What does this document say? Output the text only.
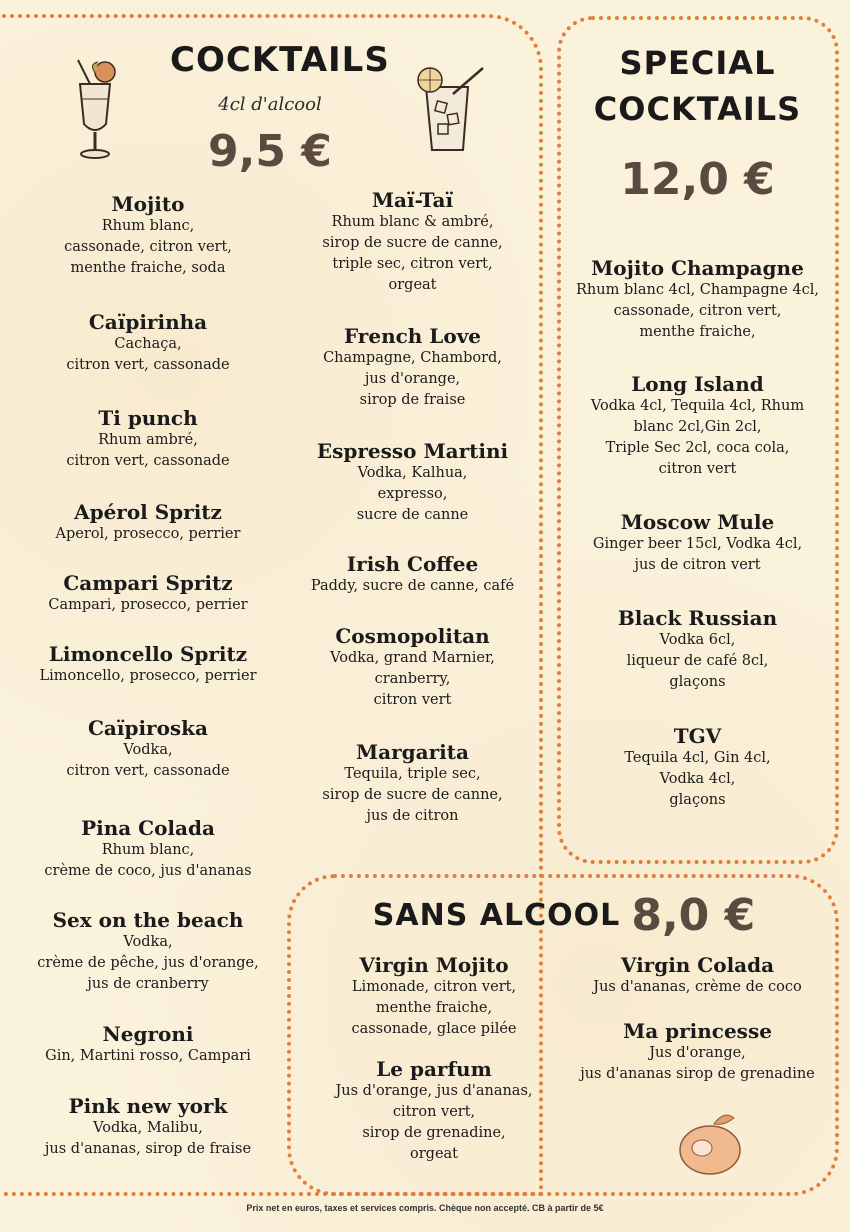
COCKTAILS
4cl d'alcool
9,5 €
Mojito
Rhum blanc,
cassonade, citron vert,
menthe fraiche, soda
Caïpirinha
Cachaça,
citron vert, cassonade
Ti punch
Rhum ambré,
citron vert, cassonade
Apérol Spritz
Aperol, prosecco, perrier
Campari Spritz
Campari, prosecco, perrier
Limoncello Spritz
Limoncello, prosecco, perrier
Caïpiroska
Vodka,
citron vert, cassonade
Pina Colada
Rhum blanc,
crème de coco, jus d'ananas
Sex on the beach
Vodka,
crème de pêche, jus d'orange,
jus de cranberry
Negroni
Gin, Martini rosso, Campari
Pink new york
Vodka, Malibu,
jus d'ananas, sirop de fraise
Maï-Taï
Rhum blanc & ambré,
sirop de sucre de canne,
triple sec, citron vert,
orgeat
French Love
Champagne, Chambord,
jus d'orange,
sirop de fraise
Espresso Martini
Vodka, Kalhua,
expresso,
sucre de canne
Irish Coffee
Paddy, sucre de canne, café
Cosmopolitan
Vodka, grand Marnier,
cranberry,
citron vert
Margarita
Tequila, triple sec,
sirop de sucre de canne,
jus de citron
SPECIAL
COCKTAILS
12,0 €
Mojito Champagne
Rhum blanc 4cl, Champagne 4cl,
cassonade, citron vert,
menthe fraiche,
Long Island
Vodka 4cl, Tequila 4cl, Rhum
blanc 2cl,Gin 2cl,
Triple Sec 2cl, coca cola,
citron vert
Moscow Mule
Ginger beer 15cl, Vodka 4cl,
jus de citron vert
Black Russian
Vodka 6cl,
liqueur de café 8cl,
glaçons
TGV
Tequila 4cl, Gin 4cl,
Vodka 4cl,
glaçons
SANS ALCOOL 8,0 €
Virgin Mojito
Limonade, citron vert,
menthe fraiche,
cassonade, glace pilée
Le parfum
Jus d'orange, jus d'ananas,
citron vert,
sirop de grenadine,
orgeat
Virgin Colada
Jus d'ananas, crème de coco
Ma princesse
Jus d'orange,
jus d'ananas sirop de grenadine
Prix net en euros, taxes et services compris. Chèque non accepté. CB à partir de 5€
